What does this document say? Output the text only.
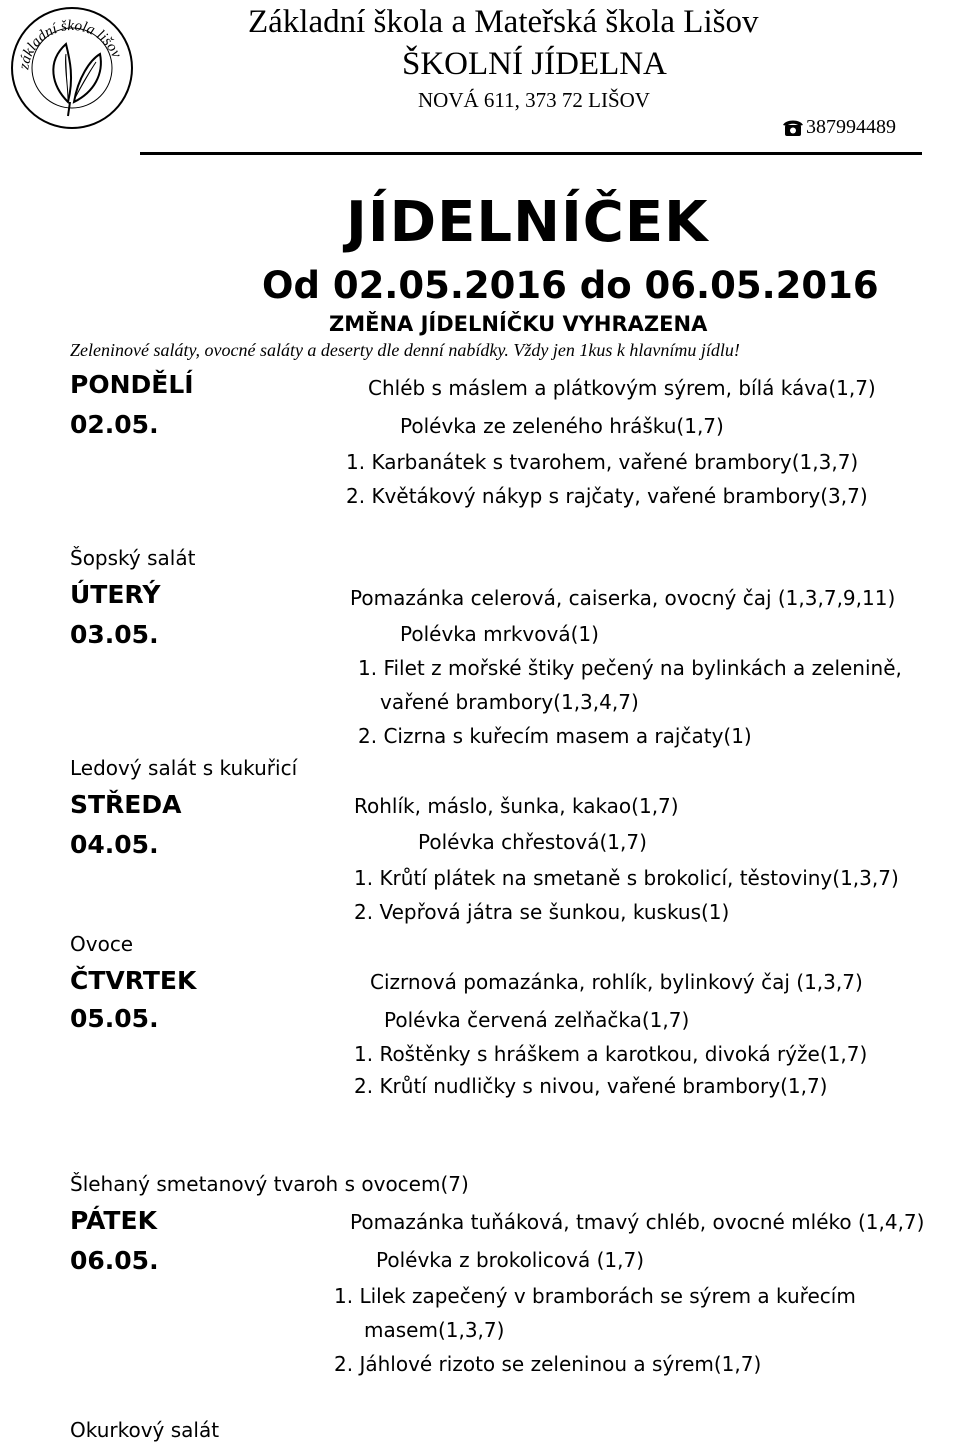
základní škola lišov
Základní škola a Mateřská škola Lišov
ŠKOLNÍ JÍDELNA
NOVÁ 611, 373 72 LIŠOV
387994489
JÍDELNÍČEK
Od 02.05.2016 do 06.05.2016
ZMĚNA JÍDELNÍČKU VYHRAZENA
Zeleninové saláty, ovocné saláty a deserty dle denní nabídky. Vždy jen 1kus k hlavnímu jídlu!
PONDĚLÍ	Chléb s máslem a plátkovým sýrem, bílá káva(1,7)
02.05.	Polévka ze zeleného hrášku(1,7)
1. Karbanátek s tvarohem, vařené brambory(1,3,7)
2. Květákový nákyp s rajčaty, vařené brambory(3,7)
Šopský salát
ÚTERÝ	Pomazánka celerová, caiserka, ovocný čaj (1,3,7,9,11)
03.05.	Polévka mrkvová(1)
1. Filet z mořské štiky pečený na bylinkách a zelenině,
vařené brambory(1,3,4,7)
2. Cizrna s kuřecím masem a rajčaty(1)
Ledový salát s kukuřicí
STŘEDA	Rohlík, máslo, šunka, kakao(1,7)
04.05.	Polévka chřestová(1,7)
1. Krůtí plátek na smetaně s brokolicí, těstoviny(1,3,7)
2. Vepřová játra se šunkou, kuskus(1)
Ovoce
ČTVRTEK	Cizrnová pomazánka, rohlík, bylinkový čaj (1,3,7)
05.05.	Polévka červená zelňačka(1,7)
1. Roštěnky s hráškem a karotkou, divoká rýže(1,7)
2. Krůtí nudličky s nivou, vařené brambory(1,7)
Šlehaný smetanový tvaroh s ovocem(7)
PÁTEK	Pomazánka tuňáková, tmavý chléb, ovocné mléko (1,4,7)
06.05.	Polévka z brokolicová (1,7)
1. Lilek zapečený v bramborách se sýrem a kuřecím
masem(1,3,7)
2. Jáhlové rizoto se zeleninou a sýrem(1,7)
Okurkový salát
